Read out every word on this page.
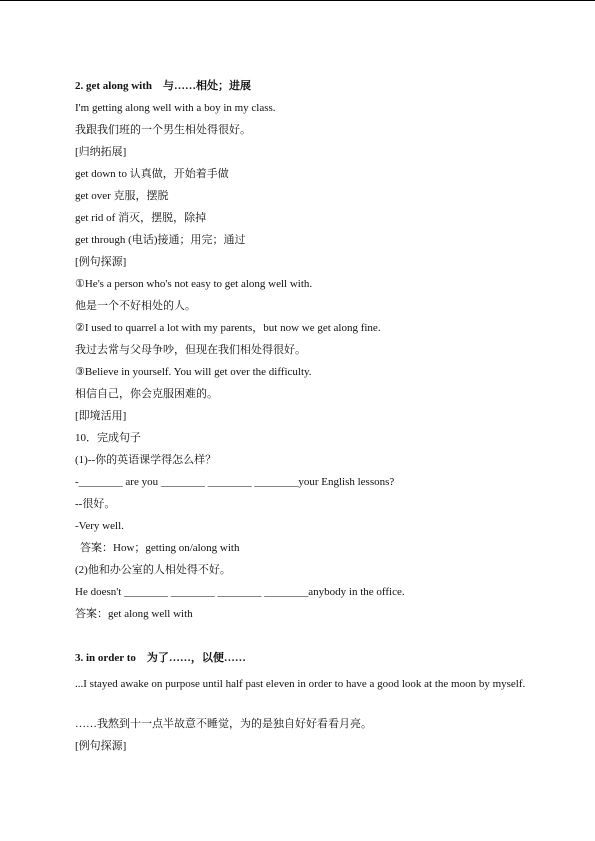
2. get along with　与……相处；进展
I'm getting along well with a boy in my class.
我跟我们班的一个男生相处得很好。
[归纳拓展]
get down to 认真做，开始着手做
get over 克服，摆脱
get rid of 消灭，摆脱，除掉
get through (电话)接通；用完；通过
[例句探源]
①He's a person who's not easy to get along well with.
他是一个不好相处的人。
②I used to quarrel a lot with my parents，but now we get along fine.
我过去常与父母争吵，但现在我们相处得很好。
③Believe in yourself. You will get over the difficulty.
相信自己，你会克服困难的。
[即境活用]
10．完成句子
(1)--你的英语课学得怎么样？
-________ are you ________ ________ ________your English lessons?
--很好。
-Very well.
答案：How；getting on/along with
(2)他和办公室的人相处得不好。
He doesn't ________ ________ ________ ________anybody in the office.
答案：get along well with
3. in order to　为了……，以便……
...I stayed awake on purpose until half past eleven in order to have a good look at the moon by myself.
……我熬到十一点半故意不睡觉，为的是独自好好看看月亮。
[例句探源]
